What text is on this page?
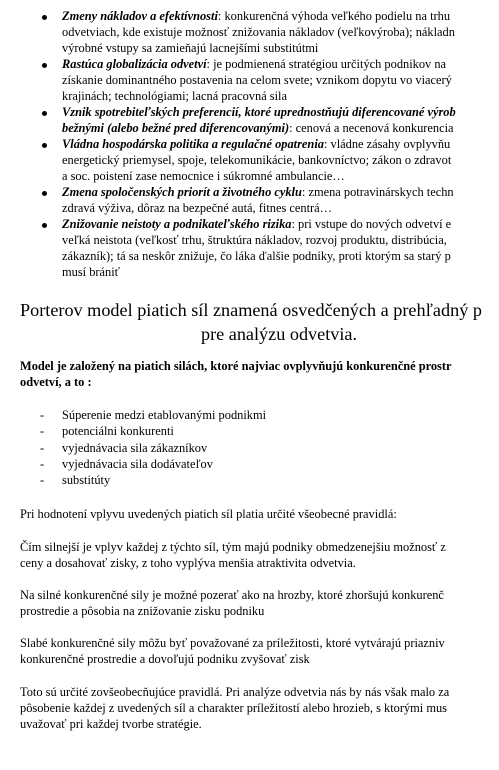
Zmeny nákladov a efektívnosti: konkurenčná výhoda veľkého podielu na trhu
odvetviach, kde existuje možnosť znižovania nákladov (veľkovýroba); nákladn
výrobné vstupy sa zamieňajú lacnejšími substitútmi
Rastúca globalizácia odvetví: je podmienená stratégiou určitých podnikov na
získanie dominantného postavenia na celom svete; vznikom dopytu vo viacerý
krajinách; technológiami; lacná pracovná sila
Vznik spotrebiteľských preferencií, ktoré uprednostňujú diferencované výrob
bežnými (alebo bežné pred diferencovanými): cenová a necenová konkurencia
Vládna hospodárska politika a regulačné opatrenia: vládne zásahy ovplyvňu
energetický priemysel, spoje, telekomunikácie, bankovníctvo; zákon o zdravot
a soc. poistení zase nemocnice i súkromné ambulancie…
Zmena spoločenských priorít a životného cyklu: zmena potravinárskych techn
zdravá výživa, dôraz na bezpečné autá, fitnes centrá…
Znižovanie neistoty a podnikateľského rizika: pri vstupe do nových odvetví e
veľká neistota (veľkosť trhu, štruktúra nákladov, rozvoj produktu, distribúcia,
zákazník); tá sa neskôr znižuje, čo láka ďalšie podniky, proti ktorým sa starý p
musí brániť
Porterov model piatich síl znamená osvedčených a prehľadný p
pre analýzu odvetvia.
Model je založený na piatich silách, ktoré najviac ovplyvňujú konkurenčné prostr
odvetví, a to :
- Súperenie medzi etablovanými podnikmi
- potenciálni konkurenti
- vyjednávacia sila zákazníkov
- vyjednávacia sila dodávateľov
- substitúty
Pri hodnotení vplyvu uvedených piatich síl platia určité všeobecné pravidlá:
Čím silnejší je vplyv každej z týchto síl, tým majú podniky obmedzenejšiu možnosť z
ceny a dosahovať zisky, z toho vyplýva menšia atraktivita odvetvia.
Na silné konkurenčné sily je možné pozerať ako na hrozby, ktoré zhoršujú konkurenč
prostredie a pôsobia na znižovanie zisku podniku
Slabé konkurenčné sily môžu byť považované za príležitosti, ktoré vytvárajú priazniv
konkurenčné prostredie a dovoľujú podniku zvyšovať zisk
Toto sú určité zovšeobecňujúce pravidlá. Pri analýze odvetvia nás by nás však malo za
pôsobenie každej z uvedených síl a charakter príležitostí alebo hrozieb, s ktorými mus
uvažovať pri každej tvorbe stratégie.
